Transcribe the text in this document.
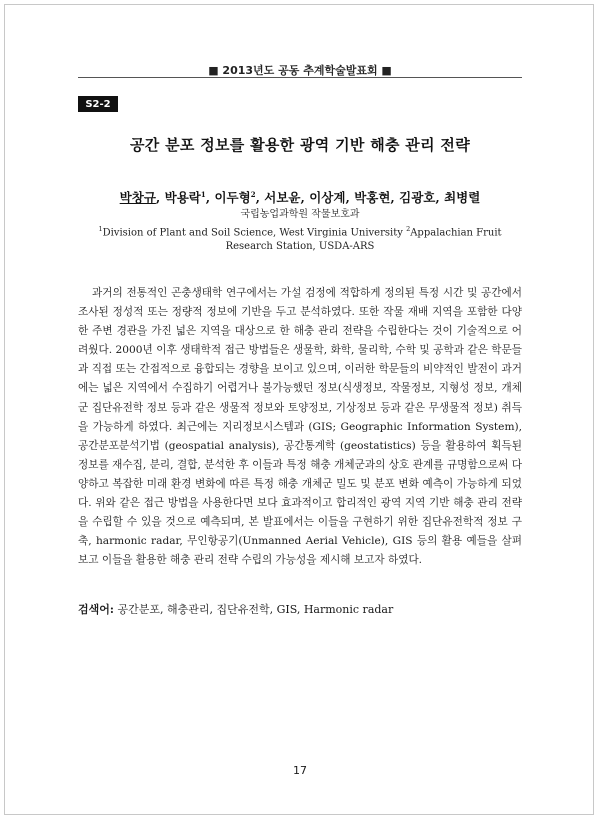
■ 2013년도 공동 추계학술발표회 ■
S2-2
공간 분포 정보를 활용한 광역 기반 해충 관리 전략
박창규, 박용락$^1$, 이두형$^2$, 서보윤, 이상계, 박홍현, 김광호, 최병렬
국립농업과학원 작물보호과
$^1$Division of Plant and Soil Science, West Virginia University $^2$Appalachian Fruit Research Station, USDA-ARS

과거의 전통적인 곤충생태학 연구에서는 가설 검정에 적합하게 정의된 특정 시간 및 공간에서 조사된 정성적 또는 정량적 정보에 기반을 두고 분석하였다. 또한 작물 재배 지역을 포함한 다양한 주변 경관을 가진 넓은 지역을 대상으로 한 해충 관리 전략을 수립한다는 것이 기술적으로 어려웠다. 2000년 이후 생태학적 접근 방법들은 생물학, 화학, 물리학, 수학 및 공학과 같은 학문들과 직접 또는 간접적으로 융합되는 경향을 보이고 있으며, 이러한 학문들의 비약적인 발전이 과거에는 넓은 지역에서 수집하기 어렵거나 불가능했던 정보(식생정보, 작물정보, 지형성 정보, 개체군 집단유전학 정보 등과 같은 생물적 정보와 토양정보, 기상정보 등과 같은 무생물적 정보) 취득을 가능하게 하였다. 최근에는 지리정보시스템과 (GIS; Geographic Information System), 공간분포분석기법 (geospatial analysis), 공간통계학 (geostatistics) 등을 활용하여 획득된 정보를 재수집, 분리, 결합, 분석한 후 이들과 특정 해충 개체군과의 상호 관계를 규명함으로써 다양하고 복잡한 미래 환경 변화에 따른 특정 해충 개체군 밀도 및 분포 변화 예측이 가능하게 되었다. 위와 같은 접근 방법을 사용한다면 보다 효과적이고 합리적인 광역 지역 기반 해충 관리 전략을 수립할 수 있을 것으로 예측되며, 본 발표에서는 이들을 구현하기 위한 집단유전학적 정보 구축, harmonic radar, 무인항공기(Unmanned Aerial Vehicle), GIS 등의 활용 예들을 살펴보고 이들을 활용한 해충 관리 전략 수립의 가능성을 제시해 보고자 하였다.

검색어: 공간분포, 해충관리, 집단유전학, GIS, Harmonic radar
17
